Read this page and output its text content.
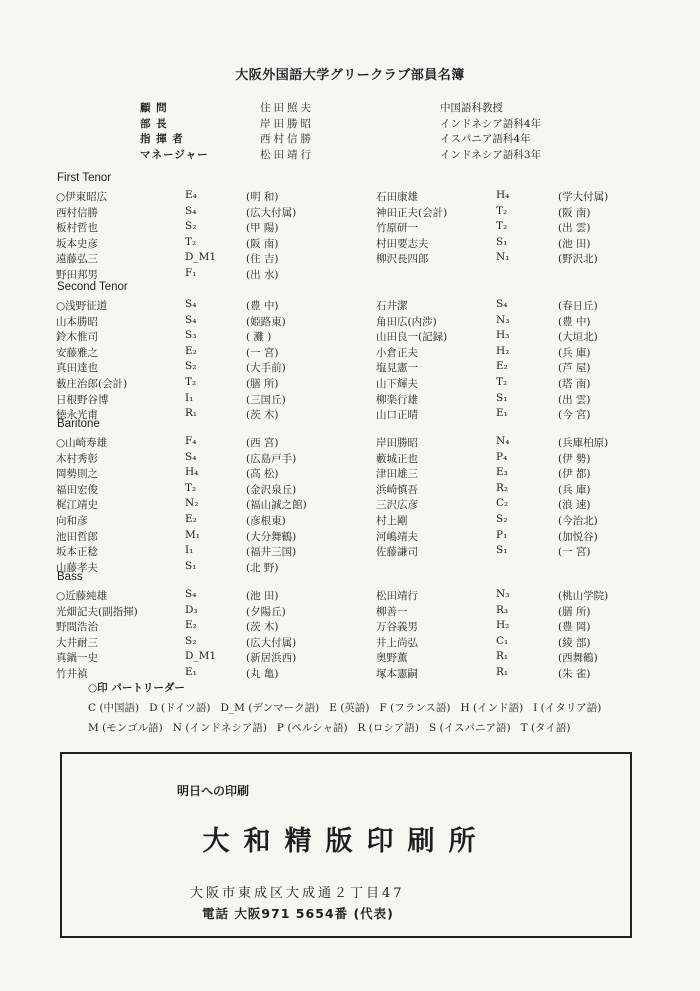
大阪外国語大学グリークラブ部員名簿
顧 問	住田照夫	中国語科教授
部 長	岸田勝昭	インドネシア語科4年
指 揮 者	西村信勝	イスパニア語科4年
マネージャー	松田靖行	インドネシア語科3年
First Tenor
○伊東昭広	E₄	(明 和)	石田康雄	H₄	(学大付属)
西村信勝	S₄	(広大付属)	神田正夫(会計)	T₂	(阪 南)
板村哲也	S₂	(甲 陽)	竹原研一	T₂	(出 雲)
坂本史彦	T₂	(阪 南)	村田要志夫	S₁	(池 田)
遠藤弘三	D_M1	(住 吉)	柳沢長四郎	N₁	(野沢北)
野田邦男	F₁	(出 水)
Second Tenor
○浅野征道	S₄	(豊 中)	石井潔	S₄	(春日丘)
山本勝昭	S₄	(姫路東)	角田広(内渉)	N₃	(豊 中)
鈴木惟司	S₃	( 灘 )	山田良一(記録)	H₃	(大垣北)
安藤雅之	E₂	(一 宮)	小倉正夫	H₂	(兵 庫)
真田達也	S₂	(大手前)	塩見憲一	E₂	(芦 屋)
薮庄治郎(会計)	T₂	(膳 所)	山下輝夫	T₂	(塔 南)
日根野谷博	I₁	(三国丘)	柳楽行雄	S₁	(出 雲)
徳永光甫	R₁	(茨 木)	山口正晴	E₁	(今 宮)
Baritone
○山崎寿雄	F₄	(西 宮)	岸田勝昭	N₄	(兵庫柏原)
木村秀彰	S₄	(広島戸手)	藪城正也	P₄	(伊 勢)
岡勢則之	H₄	(高 松)	津田雄三	E₃	(伊 都)
福田宏俊	T₂	(金沢泉丘)	浜崎慎吾	R₂	(兵 庫)
梶江靖史	N₂	(福山誠之館)	三沢広彦	C₂	(浪 速)
向和彦	E₂	(彦根東)	村上剛	S₂	(今治北)
池田哲郎	M₁	(大分舞鶴)	河嶋靖夫	P₁	(加悦谷)
坂本正稔	I₁	(福井三国)	佐藤謙司	S₁	(一 宮)
山藤孝夫	S₁	(北 野)
Bass
○近藤純雄	S₄	(池 田)	松田靖行	N₃	(桃山学院)
光畑記夫(副指揮)	D₃	(夕陽丘)	柳善一	R₃	(膳 所)
野間浩治	E₂	(茨 木)	万谷義男	H₂	(豊 岡)
大井耐三	S₂	(広大付属)	井上尚弘	C₁	(綾 部)
真鍋一史	D_M1	(新居浜西)	奥野薫	R₁	(西舞鶴)
竹井禎	E₁	(丸 亀)	塚本憲嗣	R₁	(朱 雀)
○印 パートリーダー
C (中国語) D (ドイツ語) D_M (デンマーク語) E (英語) F (フランス語) H (インド語) I (イタリア語)M (モンゴル語) N (インドネシア語) P (ペルシャ語) R (ロシア語) S (イスパニア語) T (タイ語)
明日への印刷
大和精版印刷所
大阪市東成区大成通２丁目47
電話 大阪971 5654番 (代表)
